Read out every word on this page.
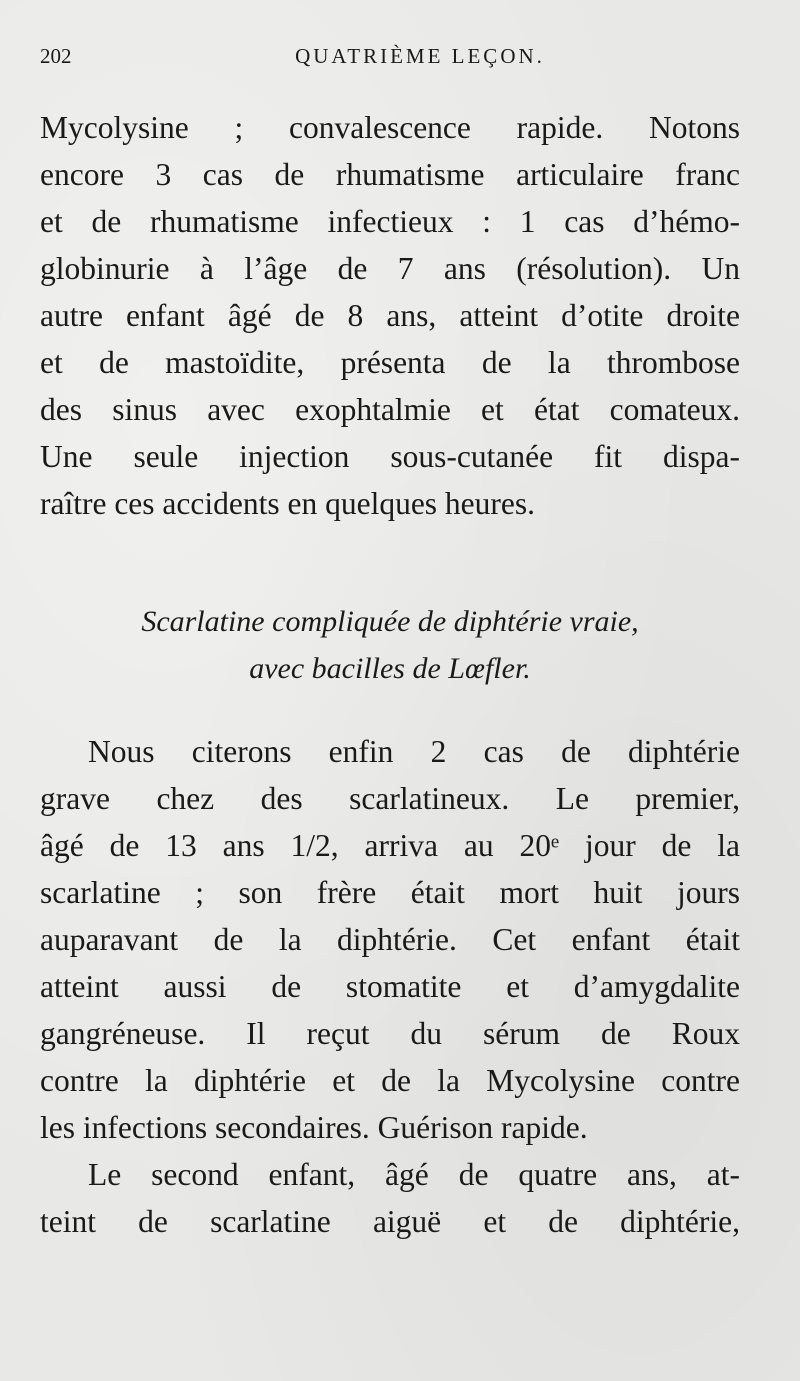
202	QUATRIÈME LEÇON.
Mycolysine ; convalescence rapide. Notons
encore 3 cas de rhumatisme articulaire franc
et de rhumatisme infectieux : 1 cas d’hémo-
globinurie à l’âge de 7 ans (résolution). Un
autre enfant âgé de 8 ans, atteint d’otite droite
et de mastoïdite, présenta de la thrombose
des sinus avec exophtalmie et état comateux.
Une seule injection sous-cutanée fit dispa-
raître ces accidents en quelques heures.
Scarlatine compliquée de diphtérie vraie,
avec bacilles de Lœfler.
Nous citerons enfin 2 cas de diphtérie
grave chez des scarlatineux. Le premier,
âgé de 13 ans 1/2, arriva au 20ᵉ jour de la
scarlatine ; son frère était mort huit jours
auparavant de la diphtérie. Cet enfant était
atteint aussi de stomatite et d’amygdalite
gangréneuse. Il reçut du sérum de Roux
contre la diphtérie et de la Mycolysine contre
les infections secondaires. Guérison rapide.
Le second enfant, âgé de quatre ans, at-
teint de scarlatine aiguë et de diphtérie,
